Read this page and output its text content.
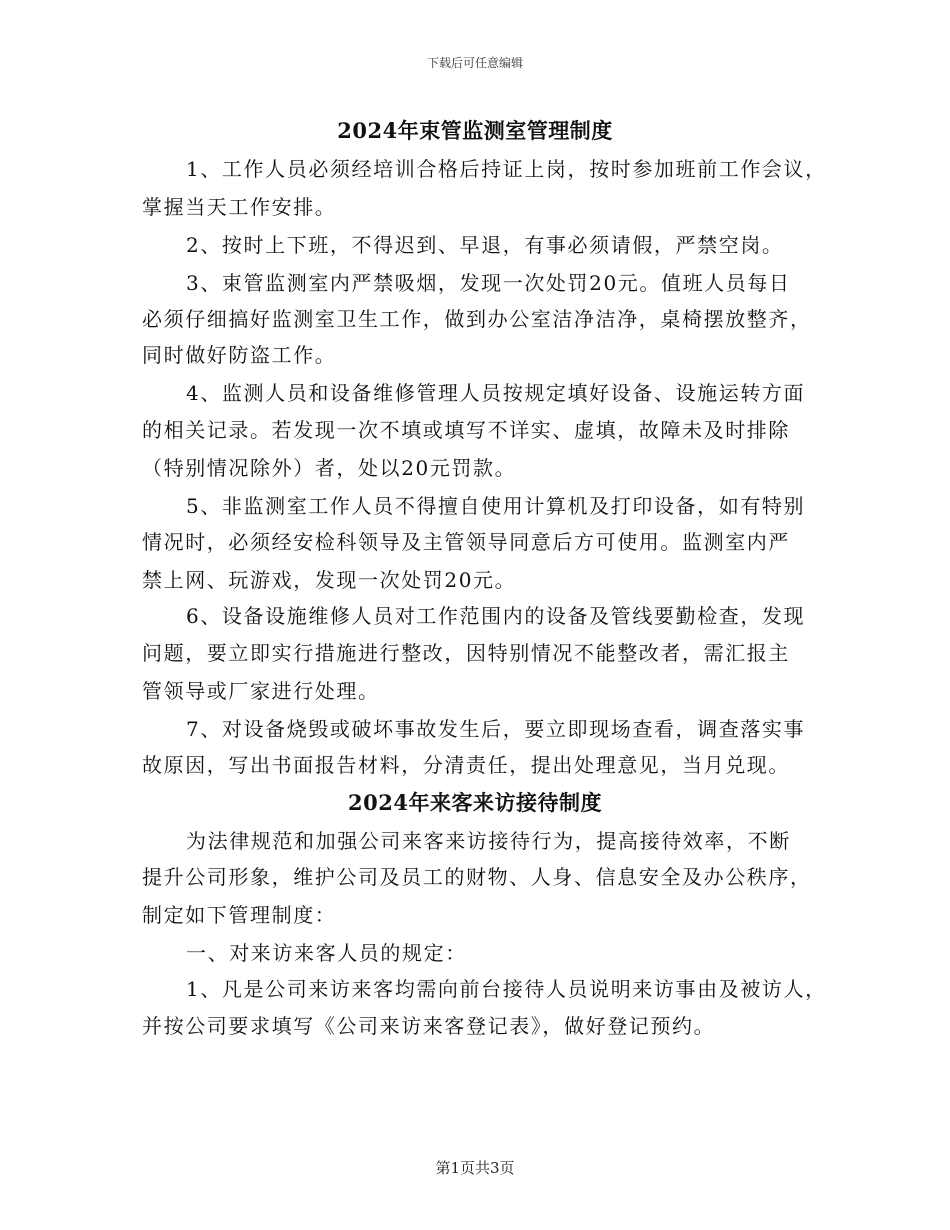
下载后可任意编辑
2024年束管监测室管理制度
1、工作人员必须经培训合格后持证上岗，按时参加班前工作会议，
掌握当天工作安排。
2、按时上下班，不得迟到、早退，有事必须请假，严禁空岗。
3、束管监测室内严禁吸烟，发现一次处罚20元。值班人员每日
必须仔细搞好监测室卫生工作，做到办公室洁净洁净，桌椅摆放整齐，
同时做好防盗工作。
4、监测人员和设备维修管理人员按规定填好设备、设施运转方面
的相关记录。若发现一次不填或填写不详实、虚填，故障未及时排除
（特别情况除外）者，处以20元罚款。
5、非监测室工作人员不得擅自使用计算机及打印设备，如有特别
情况时，必须经安检科领导及主管领导同意后方可使用。监测室内严
禁上网、玩游戏，发现一次处罚20元。
6、设备设施维修人员对工作范围内的设备及管线要勤检查，发现
问题，要立即实行措施进行整改，因特别情况不能整改者，需汇报主
管领导或厂家进行处理。
7、对设备烧毁或破坏事故发生后，要立即现场查看，调查落实事
故原因，写出书面报告材料，分清责任，提出处理意见，当月兑现。
2024年来客来访接待制度
为法律规范和加强公司来客来访接待行为，提高接待效率，不断
提升公司形象，维护公司及员工的财物、人身、信息安全及办公秩序，
制定如下管理制度：
一、对来访来客人员的规定：
1、凡是公司来访来客均需向前台接待人员说明来访事由及被访人，
并按公司要求填写《公司来访来客登记表》，做好登记预约。
第1页共3页
